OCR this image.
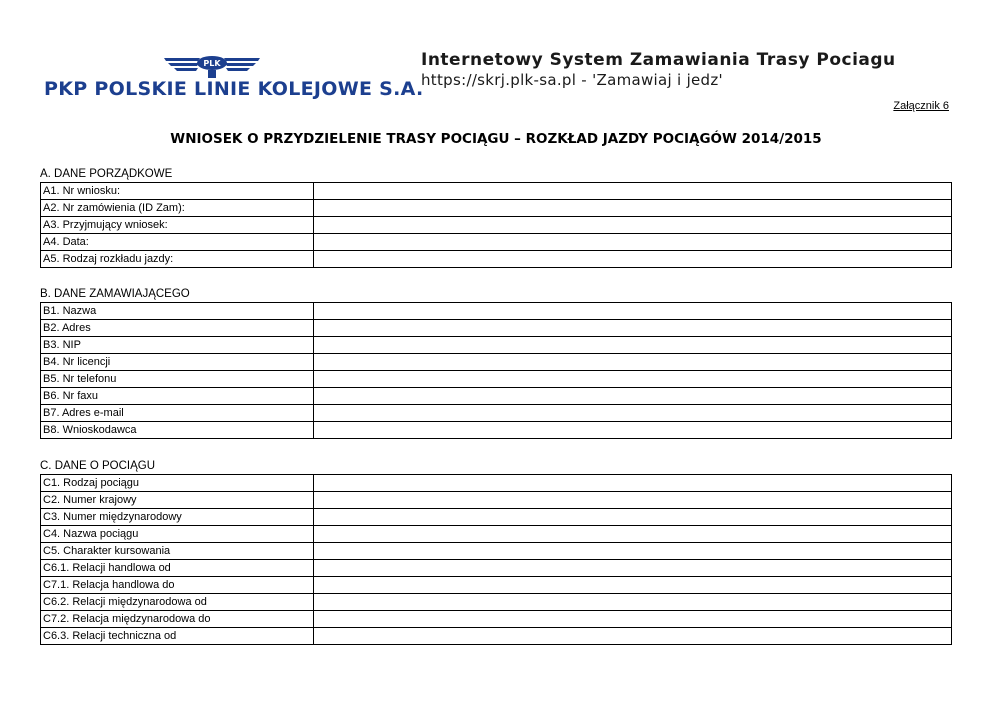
PLK
PKP POLSKIE LINIE KOLEJOWE S.A.
Internetowy System Zamawiania Trasy Pociagu
https://skrj.plk-sa.pl - 'Zamawiaj i jedz'
Załącznik 6
WNIOSEK O PRZYDZIELENIE TRASY POCIĄGU – ROZKŁAD JAZDY POCIĄGÓW 2014/2015
A. DANE PORZĄDKOWE
A1. Nr wniosku:	
A2. Nr zamówienia (ID Zam):	
A3. Przyjmujący wniosek:	
A4. Data:	
A5. Rodzaj rozkładu jazdy:	
B. DANE ZAMAWIAJĄCEGO
B1. Nazwa	
B2. Adres	
B3. NIP	
B4. Nr licencji	
B5. Nr telefonu	
B6. Nr faxu	
B7. Adres e-mail	
B8. Wnioskodawca	
C. DANE O POCIĄGU
C1. Rodzaj pociągu	
C2. Numer krajowy	
C3. Numer międzynarodowy	
C4. Nazwa pociągu	
C5. Charakter kursowania	
C6.1. Relacji handlowa od	
C7.1. Relacja handlowa do	
C6.2. Relacji międzynarodowa od	
C7.2. Relacja międzynarodowa do	
C6.3. Relacji techniczna od	
